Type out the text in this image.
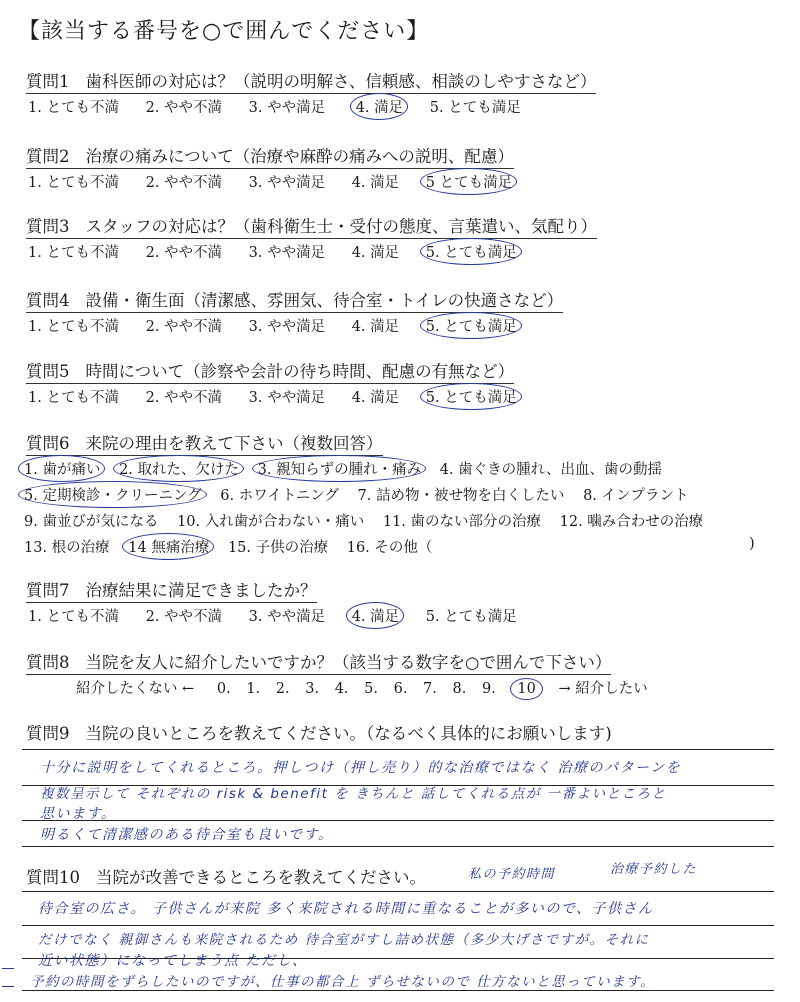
【該当する番号を○で囲んでください】
質問1 歯科医師の対応は？（説明の明解さ、信頼感、相談のしやすさなど）
1. とても不満 2. やや不満 3. やや満足 4. 満足 5. とても満足
質問2 治療の痛みについて（治療や麻酔の痛みへの説明、配慮）
1. とても不満 2. やや不満 3. やや満足 4. 満足 5 とても満足
質問3 スタッフの対応は？（歯科衛生士・受付の態度、言葉遣い、気配り）
1. とても不満 2. やや不満 3. やや満足 4. 満足 5. とても満足
質問4 設備・衛生面（清潔感、雰囲気、待合室・トイレの快適さなど）
1. とても不満 2. やや不満 3. やや満足 4. 満足 5. とても満足
質問5 時間について（診察や会計の待ち時間、配慮の有無など）
1. とても不満 2. やや不満 3. やや満足 4. 満足 5. とても満足
質問6 来院の理由を教えて下さい（複数回答）
1. 歯が痛い 2. 取れた、欠けた 3. 親知らずの腫れ・痛み 4. 歯ぐきの腫れ、出血、歯の動揺
5. 定期検診・クリーニング 6. ホワイトニング 7. 詰め物・被せ物を白くしたい 8. インプラント
9. 歯並びが気になる 10. 入れ歯が合わない・痛い 11. 歯のない部分の治療 12. 噛み合わせの治療
13. 根の治療 14 無痛治療 15. 子供の治療 16. その他（	)
質問7 治療結果に満足できましたか？
1. とても不満 2. やや不満 3. やや満足 4. 満足 5. とても満足
質問8 当院を友人に紹介したいですか？（該当する数字を○で囲んで下さい）
紹介したくない ← 0. 1. 2. 3. 4. 5. 6. 7. 8. 9. 10 → 紹介したい
質問9 当院の良いところを教えてください。（なるべく具体的にお願いします)
十分に説明をしてくれるところ。押しつけ（押し売り）的な治療ではなく 治療のパターンを
複数呈示して それぞれの risk & benefit を きちんと 話してくれる点が 一番よいところと
思います。
明るくて清潔感のある待合室も良いです。
質問10 当院が改善できるところを教えてください。	私の予約時間	治療予約した
待合室の広さ。 子供さんが来院 多く来院される時間に重なることが多いので、子供さん
だけでなく 親御さんも来院されるため 待合室がすし詰め状態（多少大げさですが。それに
近い状態）になってしまう点 ただし、
予約の時間をずらしたいのですが、仕事の都合上 ずらせないので 仕方ないと思っています。
